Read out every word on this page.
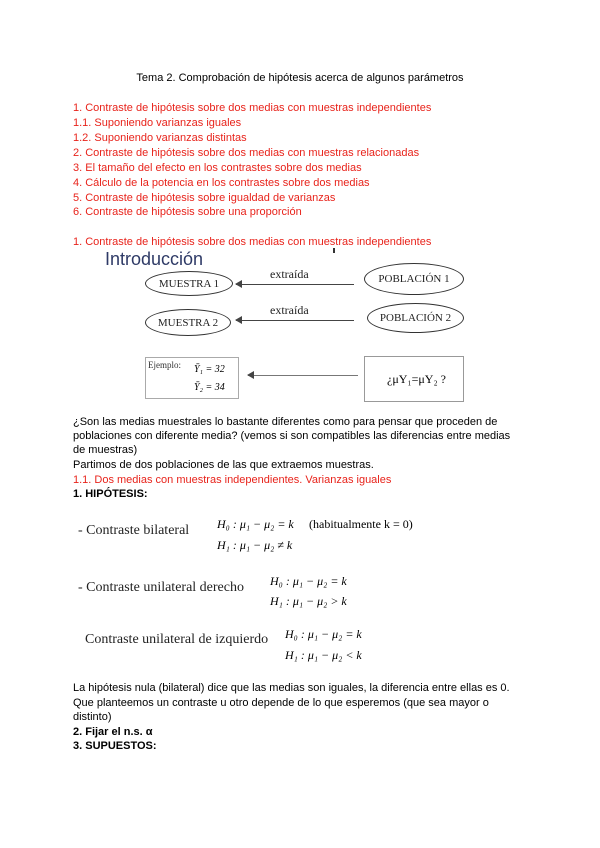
Tema 2. Comprobación de hipótesis acerca de algunos parámetros
1. Contraste de hipótesis sobre dos medias con muestras independientes
1.1. Suponiendo varianzas iguales
1.2. Suponiendo varianzas distintas
2. Contraste de hipótesis sobre dos medias con muestras relacionadas
3. El tamaño del efecto en los contrastes sobre dos medias
4. Cálculo de la potencia en los contrastes sobre dos medias
5. Contraste de hipótesis sobre igualdad de varianzas
6. Contraste de hipótesis sobre una proporción
1. Contraste de hipótesis sobre dos medias con muestras independientes
Introducción
MUESTRA 1	POBLACIÓN 1
extraída
MUESTRA 2	POBLACIÓN 2
extraída
Ejemplo: Ȳ₁ = 32
Ȳ₂ = 34
¿μY₁=μY₂ ?
¿Son las medias muestrales lo bastante diferentes como para pensar que proceden de
poblaciones con diferente media? (vemos si son compatibles las diferencias entre medias
de muestras)
Partimos de dos poblaciones de las que extraemos muestras.
1.1. Dos medias con muestras independientes. Varianzas iguales
1. HIPÓTESIS:
- Contraste bilateral H₀ : μ₁ − μ₂ = k (habitualmente k = 0)
H₁ : μ₁ − μ₂ ≠ k
- Contraste unilateral derecho H₀ : μ₁ − μ₂ = k
H₁ : μ₁ − μ₂ > k
Contraste unilateral de izquierdo H₀ : μ₁ − μ₂ = k
H₁ : μ₁ − μ₂ < k
La hipótesis nula (bilateral) dice que las medias son iguales, la diferencia entre ellas es 0.
Que planteemos un contraste u otro depende de lo que esperemos (que sea mayor o
distinto)
2. Fijar el n.s. α
3. SUPUESTOS:
